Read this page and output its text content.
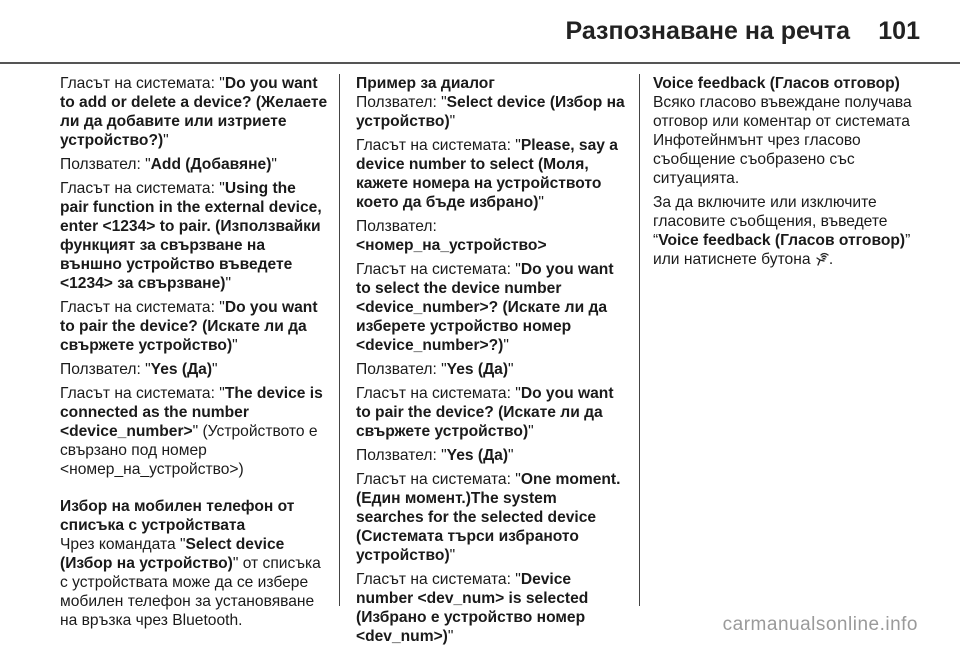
Разпознаване на речта 101

Гласът на системата: "Do you want to add or delete a device? (Желаете ли да добавите или изтриете устройство?)"

Ползвател: "Add (Добавяне)"

Гласът на системата: "Using the pair function in the external device, enter <1234> to pair. (Използвайки функцият за свързване на външно устройство въведете <1234> за свързване)"

Гласът на системата: "Do you want to pair the device? (Искате ли да свържете устройство)"

Ползвател: "Yes (Да)"

Гласът на системата: "The device is connected as the number <device_number>" (Устройството е свързано под номер <номер_на_устройство>)

Избор на мобилен телефон от списъка с устройствата

Чрез командата "Select device (Избор на устройство)" от списъка с устройствата може да се избере мобилен телефон за установяване на връзка чрез Bluetooth.

Пример за диалог

Ползвател: "Select device (Избор на устройство)"

Гласът на системата: "Please, say a device number to select (Моля, кажете номера на устройството което да бъде избрано)"

Ползвател:
<номер_на_устройство>

Гласът на системата: "Do you want to select the device number <device_number>? (Искате ли да изберете устройство номер <device_number>?)"

Ползвател: "Yes (Да)"

Гласът на системата: "Do you want to pair the device? (Искате ли да свържете устройство)"

Ползвател: "Yes (Да)"

Гласът на системата: "One moment. (Един момент.)The system searches for the selected device (Системата търси избраното устройство)"

Гласът на системата: "Device number <dev_num> is selected (Избрано е устройство номер <dev_num>)"

Voice feedback (Гласов отговор)

Всяко гласово въвеждане получава отговор или коментар от системата Инфотейнмънт чрез гласово съобщение съобразено със ситуацията.

За да включите или изключите гласовите съобщения, въведете “Voice feedback (Гласов отговор)” или натиснете бутона .

carmanualsonline.info
